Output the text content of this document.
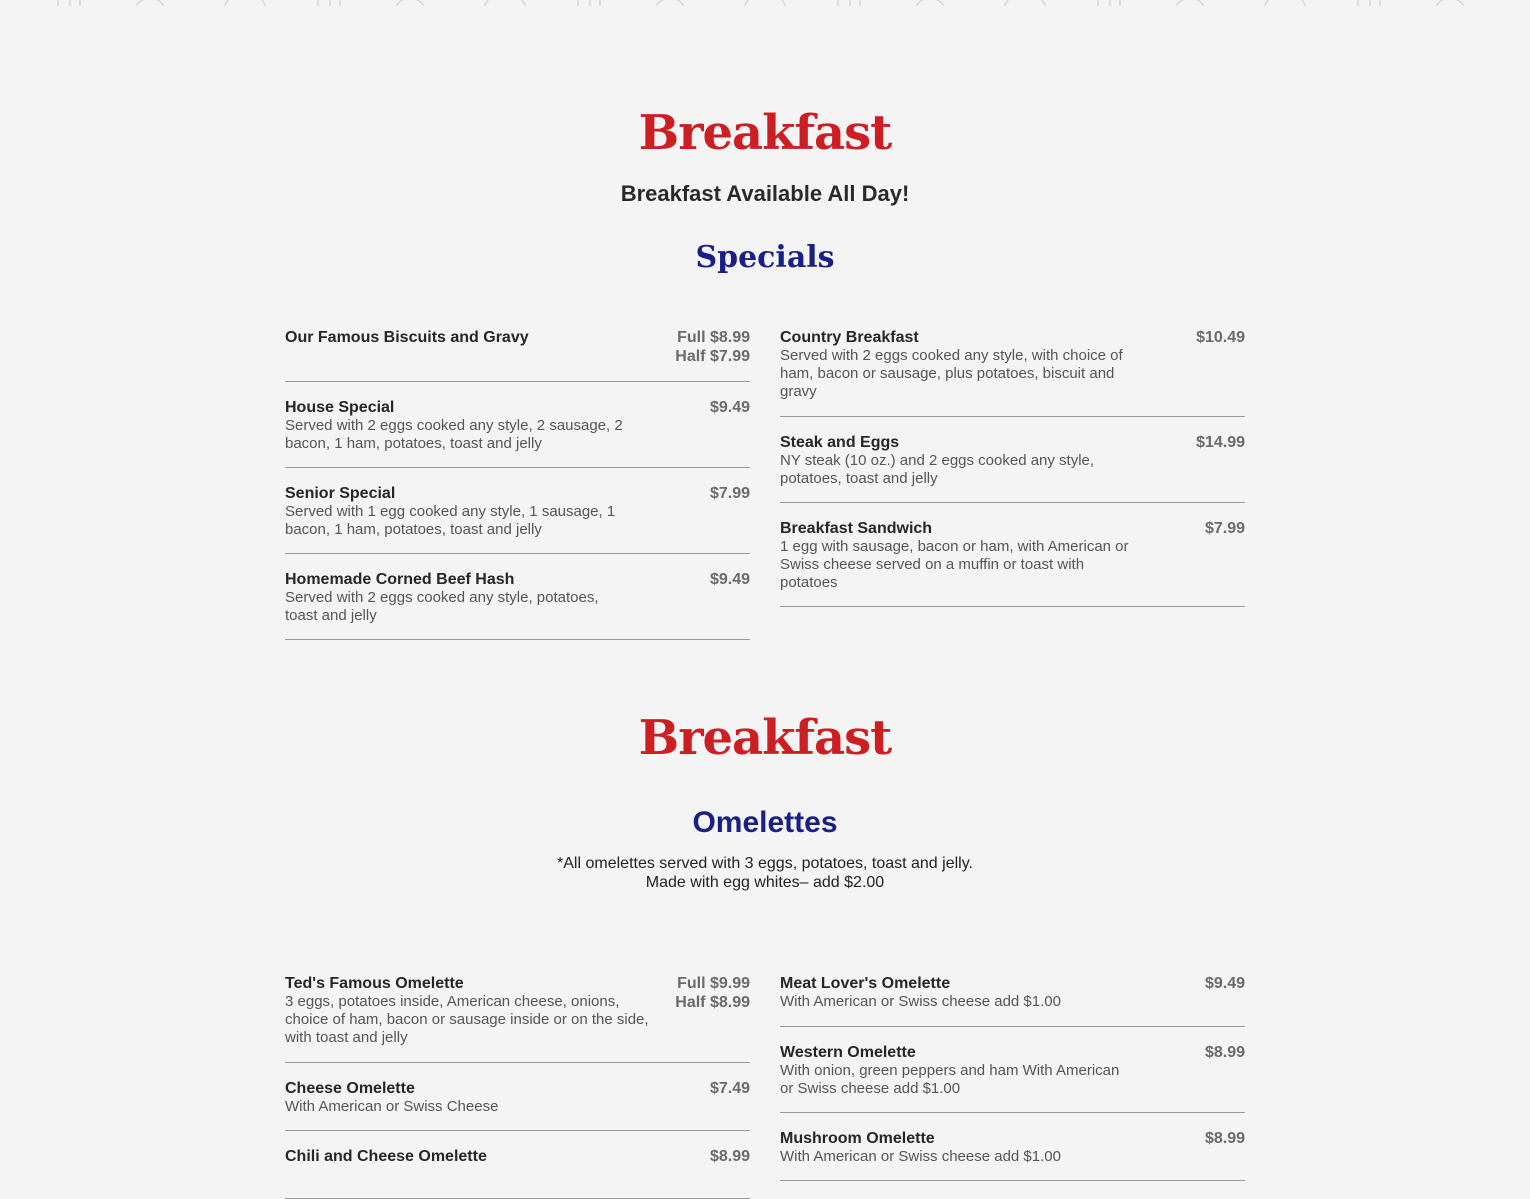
Breakfast
Breakfast Available All Day!
Specials
Our Famous Biscuits and Gravy	Full $8.99
Half $7.99
House Special
Served with 2 eggs cooked any style, 2 sausage, 2 bacon, 1 ham, potatoes, toast and jelly
$9.49
Senior Special
Served with 1 egg cooked any style, 1 sausage, 1 bacon, 1 ham, potatoes, toast and jelly
$7.99
Homemade Corned Beef Hash
Served with 2 eggs cooked any style, potatoes, toast and jelly
$9.49
Country Breakfast
Served with 2 eggs cooked any style, with choice of ham, bacon or sausage, plus potatoes, biscuit and gravy
$10.49
Steak and Eggs
NY steak (10 oz.) and 2 eggs cooked any style, potatoes, toast and jelly
$14.99
Breakfast Sandwich
1 egg with sausage, bacon or ham, with American or Swiss cheese served on a muffin or toast with potatoes
$7.99
Breakfast
Omelettes
*All omelettes served with 3 eggs, potatoes, toast and jelly.
Made with egg whites– add $2.00
Ted's Famous Omelette
3 eggs, potatoes inside, American cheese, onions, choice of ham, bacon or sausage inside or on the side, with toast and jelly
Full $9.99
Half $8.99
Cheese Omelette
With American or Swiss Cheese
$7.49
Chili and Cheese Omelette	$8.99
Meat Lover's Omelette
With American or Swiss cheese add $1.00
$9.49
Western Omelette
With onion, green peppers and ham With American or Swiss cheese add $1.00
$8.99
Mushroom Omelette
With American or Swiss cheese add $1.00
$8.99
